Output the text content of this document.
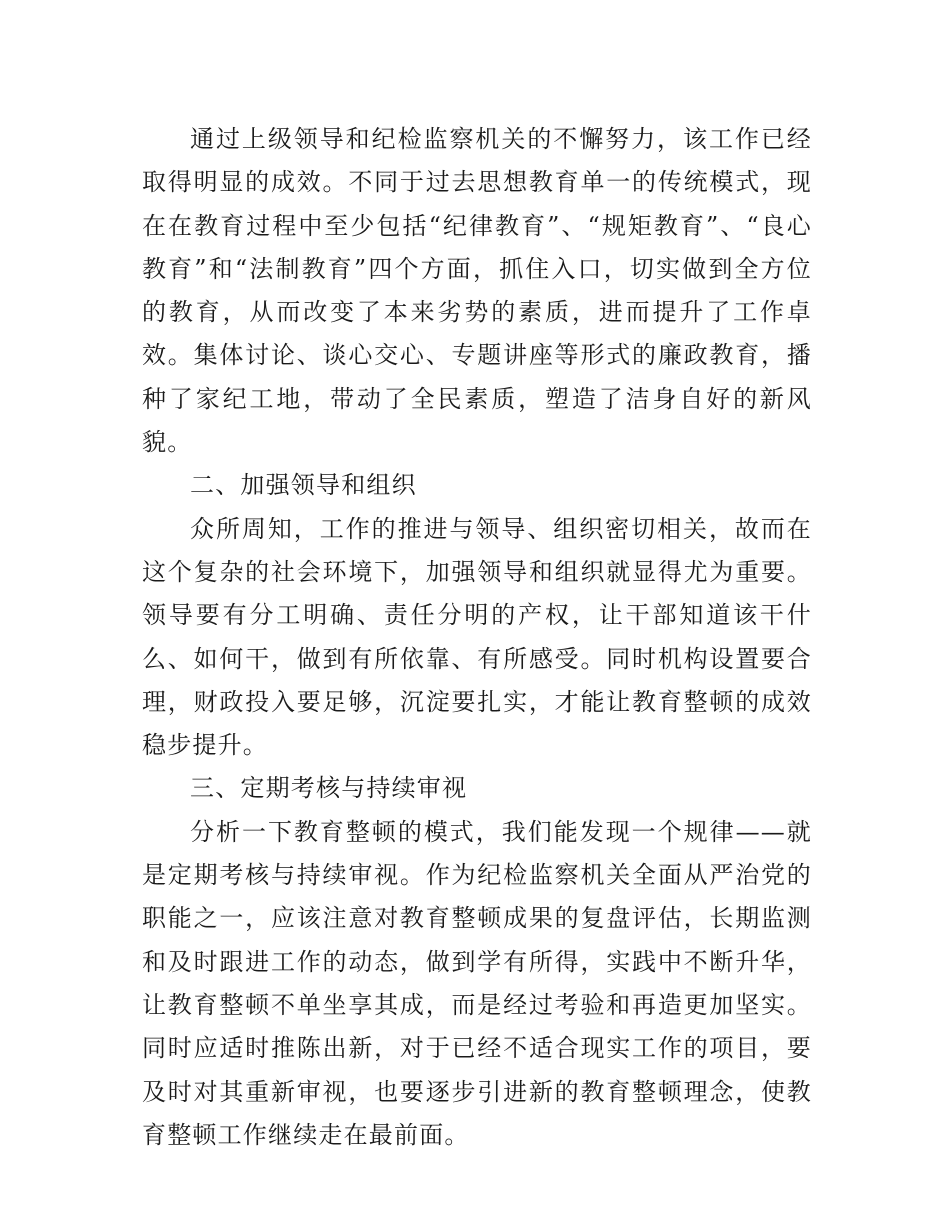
通过上级领导和纪检监察机关的不懈努力，该工作已经取得明显的成效。不同于过去思想教育单一的传统模式，现在在教育过程中至少包括“纪律教育”、“规矩教育”、“良心教育”和“法制教育”四个方面，抓住入口，切实做到全方位的教育，从而改变了本来劣势的素质，进而提升了工作卓效。集体讨论、谈心交心、专题讲座等形式的廉政教育，播种了家纪工地，带动了全民素质，塑造了洁身自好的新风貌。

二、加强领导和组织

众所周知，工作的推进与领导、组织密切相关，故而在这个复杂的社会环境下，加强领导和组织就显得尤为重要。领导要有分工明确、责任分明的产权，让干部知道该干什么、如何干，做到有所依靠、有所感受。同时机构设置要合理，财政投入要足够，沉淀要扎实，才能让教育整顿的成效稳步提升。

三、定期考核与持续审视

分析一下教育整顿的模式，我们能发现一个规律——就是定期考核与持续审视。作为纪检监察机关全面从严治党的职能之一，应该注意对教育整顿成果的复盘评估，长期监测和及时跟进工作的动态，做到学有所得，实践中不断升华，让教育整顿不单坐享其成，而是经过考验和再造更加坚实。同时应适时推陈出新，对于已经不适合现实工作的项目，要及时对其重新审视，也要逐步引进新的教育整顿理念，使教育整顿工作继续走在最前面。
